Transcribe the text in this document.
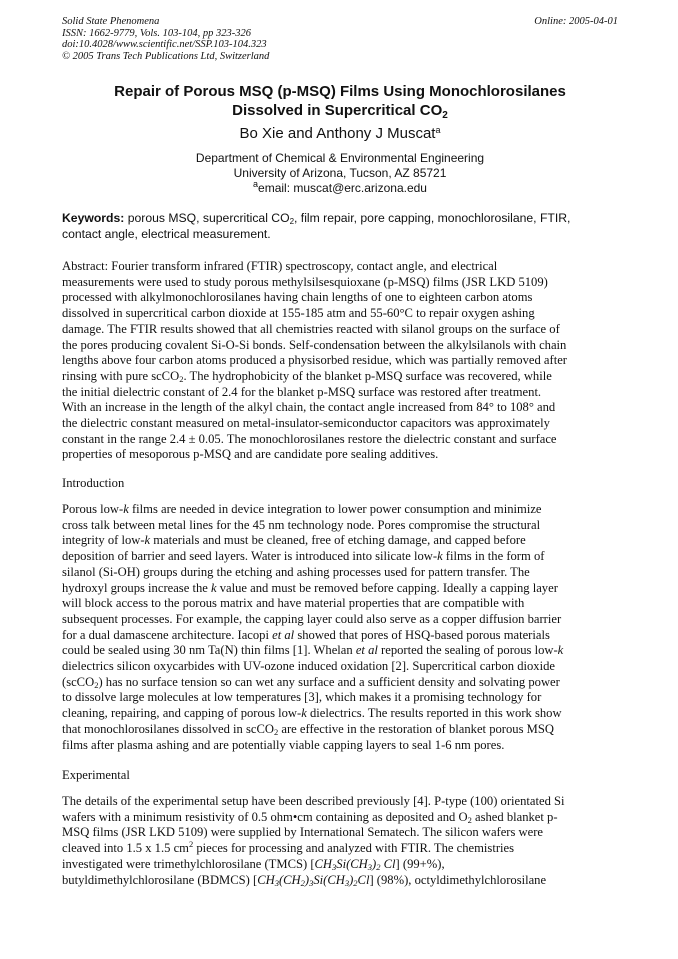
Solid State Phenomena
ISSN: 1662-9779, Vols. 103-104, pp 323-326
doi:10.4028/www.scientific.net/SSP.103-104.323
© 2005 Trans Tech Publications Ltd, Switzerland
Online: 2005-04-01
Repair of Porous MSQ (p-MSQ) Films Using Monochlorosilanes
Dissolved in Supercritical $CO_2$
Bo Xie and Anthony J Muscat$^a$
Department of Chemical & Environmental Engineering
University of Arizona, Tucson, AZ 85721
$^a$email: muscat@erc.arizona.edu
Keywords: porous MSQ, supercritical $CO_2$, film repair, pore capping, monochlorosilane, FTIR,
contact angle, electrical measurement.
Abstract: Fourier transform infrared (FTIR) spectroscopy, contact angle, and electrical
measurements were used to study porous methylsilsesquioxane (p-MSQ) films (JSR LKD 5109)
processed with alkylmonochlorosilanes having chain lengths of one to eighteen carbon atoms
dissolved in supercritical carbon dioxide at 155-185 atm and 55-60°C to repair oxygen ashing
damage. The FTIR results showed that all chemistries reacted with silanol groups on the surface of
the pores producing covalent Si-O-Si bonds. Self-condensation between the alkylsilanols with chain
lengths above four carbon atoms produced a physisorbed residue, which was partially removed after
rinsing with pure scCO$_2$. The hydrophobicity of the blanket p-MSQ surface was recovered, while
the initial dielectric constant of 2.4 for the blanket p-MSQ surface was restored after treatment.
With an increase in the length of the alkyl chain, the contact angle increased from 84° to 108° and
the dielectric constant measured on metal-insulator-semiconductor capacitors was approximately
constant in the range 2.4 ± 0.05. The monochlorosilanes restore the dielectric constant and surface
properties of mesoporous p-MSQ and are candidate pore sealing additives.
Introduction
Porous low-k films are needed in device integration to lower power consumption and minimize
cross talk between metal lines for the 45 nm technology node. Pores compromise the structural
integrity of low-k materials and must be cleaned, free of etching damage, and capped before
deposition of barrier and seed layers. Water is introduced into silicate low-k films in the form of
silanol (Si-OH) groups during the etching and ashing processes used for pattern transfer. The
hydroxyl groups increase the k value and must be removed before capping. Ideally a capping layer
will block access to the porous matrix and have material properties that are compatible with
subsequent processes. For example, the capping layer could also serve as a copper diffusion barrier
for a dual damascene architecture. Iacopi et al showed that pores of HSQ-based porous materials
could be sealed using 30 nm Ta(N) thin films [1]. Whelan et al reported the sealing of porous low-k
dielectrics silicon oxycarbides with UV-ozone induced oxidation [2]. Supercritical carbon dioxide
(scCO$_2$) has no surface tension so can wet any surface and a sufficient density and solvating power
to dissolve large molecules at low temperatures [3], which makes it a promising technology for
cleaning, repairing, and capping of porous low-k dielectrics. The results reported in this work show
that monochlorosilanes dissolved in scCO$_2$ are effective in the restoration of blanket porous MSQ
films after plasma ashing and are potentially viable capping layers to seal 1-6 nm pores.
Experimental
The details of the experimental setup have been described previously [4]. P-type (100) orientated Si
wafers with a minimum resistivity of 0.5 ohm•cm containing as deposited and $O_2$ ashed blanket p-
MSQ films (JSR LKD 5109) were supplied by International Sematech. The silicon wafers were
cleaved into 1.5 x 1.5 $cm^2$ pieces for processing and analyzed with FTIR. The chemistries
investigated were trimethylchlorosilane (TMCS) [$CH_3Si(CH_3)_2$ Cl] (99+%),
butyldimethylchlorosilane (BDMCS) $[CH_3(CH_2)_3Si(CH_3)_2Cl]$ (98%), octyldimethylchlorosilane
